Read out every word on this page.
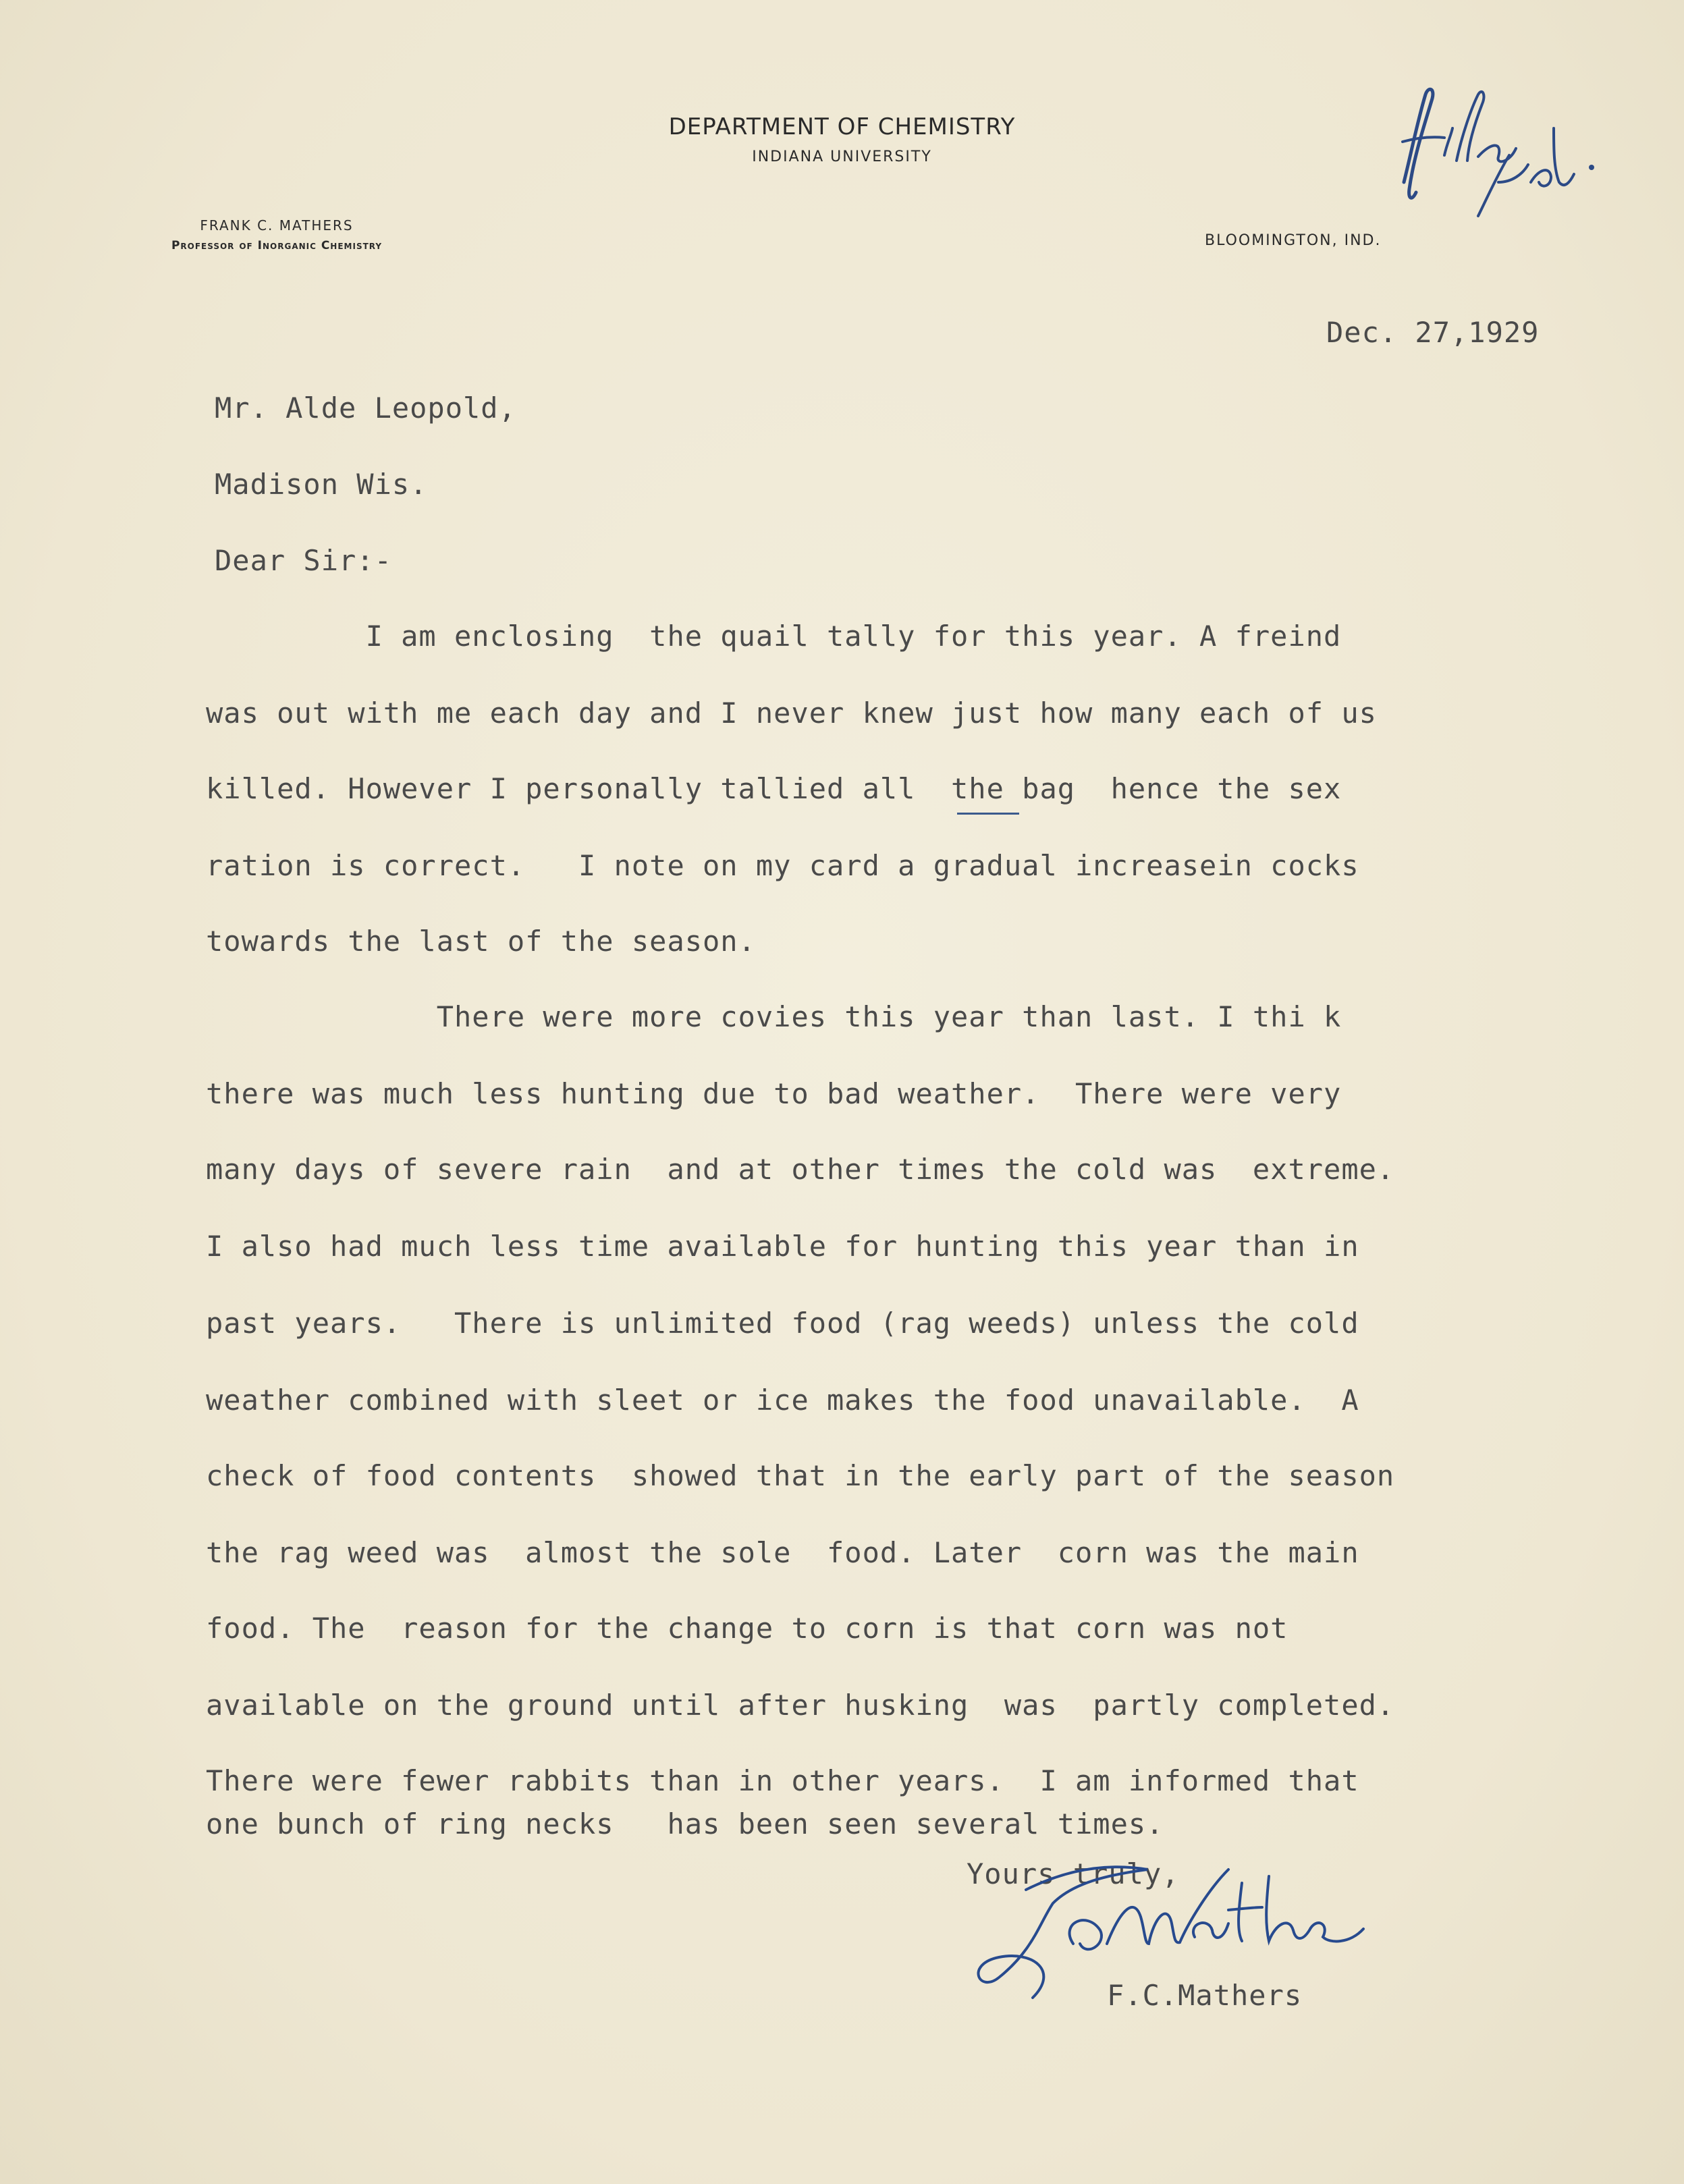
DEPARTMENT OF CHEMISTRY
INDIANA UNIVERSITY
FRANK C. MATHERS
Professor of Inorganic Chemistry	BLOOMINGTON, IND.
Dec. 27,1929
Mr. Alde Leopold,
Madison Wis.
Dear Sir:-
I am enclosing  the quail tally for this year. A freind
was out with me each day and I never knew just how many each of us
killed. However I personally tallied all  the bag  hence the sex
ration is correct.   I note on my card a gradual increasein cocks
towards the last of the season.
There were more covies this year than last. I thi k
there was much less hunting due to bad weather.  There were very
many days of severe rain  and at other times the cold was  extreme.
I also had much less time available for hunting this year than in
past years.   There is unlimited food (rag weeds) unless the cold
weather combined with sleet or ice makes the food unavailable.  A
check of food contents  showed that in the early part of the season
the rag weed was  almost the sole  food. Later  corn was the main
food. The  reason for the change to corn is that corn was not
available on the ground until after husking  was  partly completed.
There were fewer rabbits than in other years.  I am informed that
one bunch of ring necks   has been seen several times.
Yours truly,
F.C.Mathers
